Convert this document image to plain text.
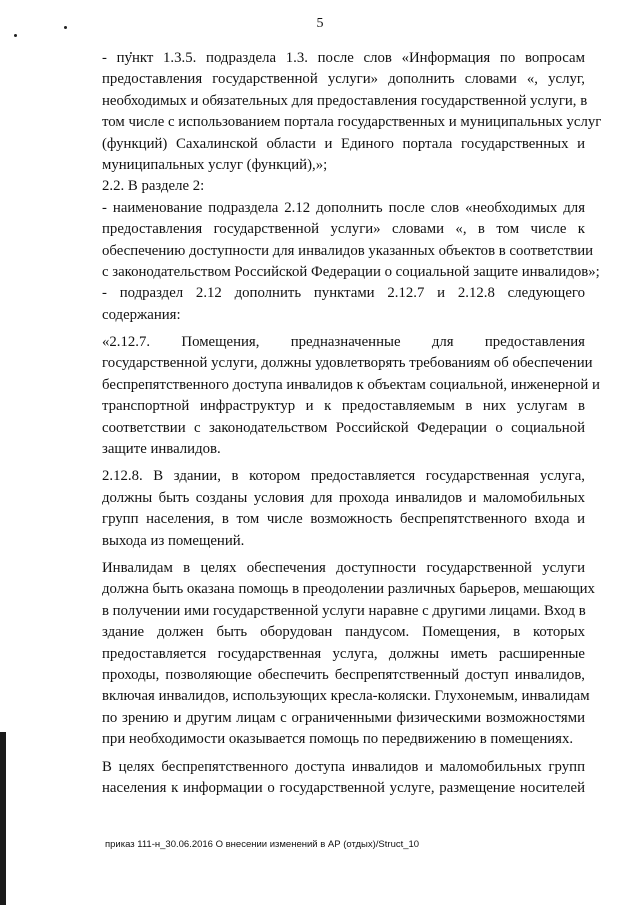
5
- пункт 1.3.5. подраздела 1.3. после слов «Информация по вопросам
предоставления государственной услуги» дополнить словами «, услуг,
необходимых и обязательных для предоставления государственной услуги, в
том числе с использованием портала государственных и муниципальных услуг
(функций) Сахалинской области и Единого портала государственных и
муниципальных услуг (функций),»;
2.2. В разделе 2:
- наименование подраздела 2.12 дополнить после слов «необходимых для
предоставления государственной услуги» словами «, в том числе к
обеспечению доступности для инвалидов указанных объектов в соответствии
с законодательством Российской Федерации о социальной защите инвалидов»;
- подраздел 2.12 дополнить пунктами 2.12.7 и 2.12.8 следующего
содержания:
«2.12.7. Помещения, предназначенные для предоставления
государственной услуги, должны удовлетворять требованиям об обеспечении
беспрепятственного доступа инвалидов к объектам социальной, инженерной и
транспортной инфраструктур и к предоставляемым в них услугам в
соответствии с законодательством Российской Федерации о социальной
защите инвалидов.
2.12.8. В здании, в котором предоставляется государственная услуга,
должны быть созданы условия для прохода инвалидов и маломобильных
групп населения, в том числе возможность беспрепятственного входа и
выхода из помещений.
Инвалидам в целях обеспечения доступности государственной услуги
должна быть оказана помощь в преодолении различных барьеров, мешающих
в получении ими государственной услуги наравне с другими лицами. Вход в
здание должен быть оборудован пандусом. Помещения, в которых
предоставляется государственная услуга, должны иметь расширенные
проходы, позволяющие обеспечить беспрепятственный доступ инвалидов,
включая инвалидов, использующих кресла-коляски. Глухонемым, инвалидам
по зрению и другим лицам с ограниченными физическими возможностями
при необходимости оказывается помощь по передвижению в помещениях.
В целях беспрепятственного доступа инвалидов и маломобильных групп
населения к информации о государственной услуге, размещение носителей
приказ 111-н_30.06.2016 О внесении изменений в АР (отдых)/Struct_10
